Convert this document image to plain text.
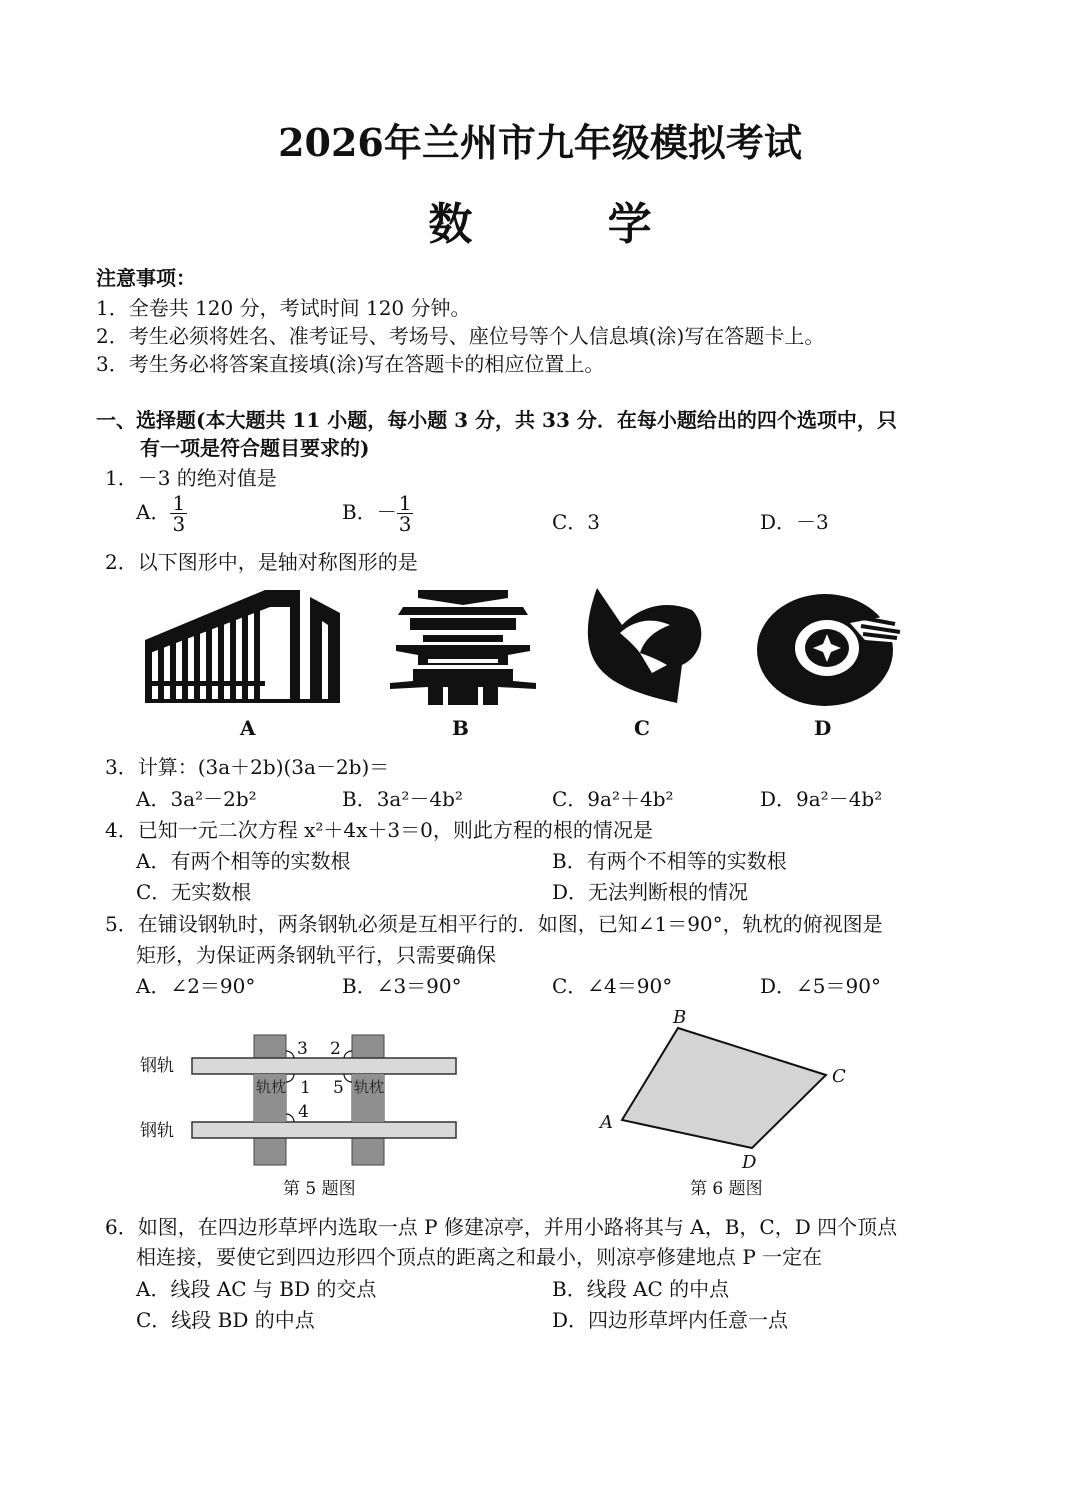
2026年兰州市九年级模拟考试
数 学
注意事项：
1．全卷共 120 分，考试时间 120 分钟。
2．考生必须将姓名、准考证号、考场号、座位号等个人信息填(涂)写在答题卡上。
3．考生务必将答案直接填(涂)写在答题卡的相应位置上。
一、选择题(本大题共 11 小题，每小题 3 分，共 33 分．在每小题给出的四个选项中，只
有一项是符合题目要求的)
1．－3 的绝对值是
A． $\frac{1}{3}$	B．－ $\frac{1}{3}$	C．3	D．－3
2．以下图形中，是轴对称图形的是
A	B	C	D
3．计算：(3a＋2b)(3a－2b)＝
A．3a²－2b²	B．3a²－4b²	C．9a²＋4b²	D．9a²－4b²
4．已知一元二次方程 x²＋4x＋3＝0，则此方程的根的情况是
A．有两个相等的实数根	B．有两个不相等的实数根
C．无实数根	D．无法判断根的情况
5．在铺设钢轨时，两条钢轨必须是互相平行的．如图，已知∠1＝90°，轨枕的俯视图是
矩形，为保证两条钢轨平行，只需要确保
A．∠2＝90°	B．∠3＝90°	C．∠4＝90°	D．∠5＝90°
轨枕	轨枕
3 2
1 5
4
钢轨
钢轨
第 5 题图
B
C
A
D
第 6 题图
6．如图，在四边形草坪内选取一点 P 修建凉亭，并用小路将其与 A，B，C，D 四个顶点
相连接，要使它到四边形四个顶点的距离之和最小，则凉亭修建地点 P 一定在
A．线段 AC 与 BD 的交点	B．线段 AC 的中点
C．线段 BD 的中点	D．四边形草坪内任意一点
